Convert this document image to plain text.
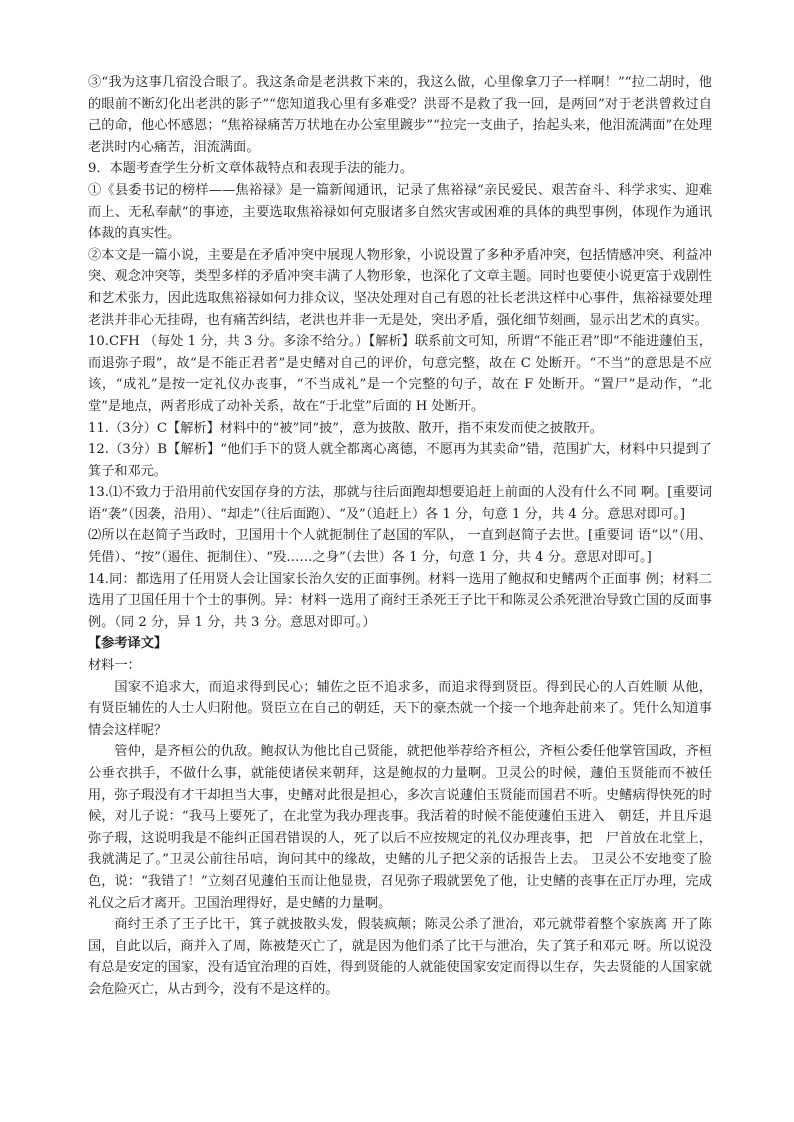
③“我为这事几宿没合眼了。我这条命是老洪救下来的，我这么做，心里像拿刀子一样啊！”“拉二胡时，他的眼前不断幻化出老洪的影子”“您知道我心里有多难受？洪哥不是救了我一回，是两回”对于老洪曾救过自己的命，他心怀感恩；“焦裕禄痛苦万状地在办公室里踱步”“拉完一支曲子，抬起头来，他泪流满面”在处理老洪时内心痛苦，泪流满面。

9．本题考查学生分析文章体裁特点和表现手法的能力。

①《县委书记的榜样——焦裕禄》是一篇新闻通讯，记录了焦裕禄“亲民爱民、艰苦奋斗、科学求实、迎难而上、无私奉献”的事迹，主要选取焦裕禄如何克服诸多自然灾害或困难的具体的典型事例，体现作为通讯体裁的真实性。

②本文是一篇小说，主要是在矛盾冲突中展现人物形象，小说设置了多种矛盾冲突，包括情感冲突、利益冲突、观念冲突等，类型多样的矛盾冲突丰满了人物形象，也深化了文章主题。同时也要使小说更富于戏剧性和艺术张力，因此选取焦裕禄如何力排众议，坚决处理对自己有恩的社长老洪这样中心事件，焦裕禄要处理老洪并非心无挂碍，也有痛苦纠结，老洪也并非一无是处，突出矛盾，强化细节刻画，显示出艺术的真实。

10.CFH （每处 1 分，共 3 分。多涂不给分。）【解析】联系前文可知，所谓“不能正君”即“不能进蘧伯玉，而退弥子瑕”，故“是不能正君者”是史鳍对自己的评价，句意完整，故在 C 处断开。“不当”的意思是不应该，“成礼”是按一定礼仪办丧事，“不当成礼”是一个完整的句子，故在 F 处断开。“置尸”是动作，“北堂”是地点，两者形成了动补关系，故在“于北堂”后面的 H 处断开。

11.（3分）C【解析】材料中的“被”同“披”，意为披散、散开，指不束发而使之披散开。

12.（3分）B【解析】“他们手下的贤人就全都离心离德，不愿再为其卖命”错，范围扩大，材料中只提到了箕子和邓元。

13.⑴不致力于沿用前代安国存身的方法，那就与往后面跑却想要追赶上前面的人没有什么不同 啊。[重要词语“袭”（因袭，沿用）、“却走”（往后面跑）、“及”（追赶上）各 1 分，句意 1 分，共 4 分。意思对即可。]

⑵所以在赵简子当政时，卫国用十个人就扼制住了赵国的军队， 一直到赵简子去世。[重要词 语“以”（用、凭借）、“按”（遏住、扼制住）、“殁……之身”（去世）各 1 分，句意 1 分，共 4 分。意思对即可。]

14.同：都选用了任用贤人会让国家长治久安的正面事例。材料一选用了鲍叔和史鳍两个正面事 例；材料二选用了卫国任用十个士的事例。异：材料一选用了商纣王杀死王子比干和陈灵公杀死泄冶导致亡国的反面事例。（同 2 分，异 1 分，共 3 分。意思对即可。）

【参考译文】

材料一：

国家不追求大，而追求得到民心；辅佐之臣不追求多，而追求得到贤臣。得到民心的人百姓顺 从他，有贤臣辅佐的人士人归附他。贤臣立在自己的朝廷，天下的豪杰就一个接一个地奔赴前来了。凭什么知道事情会这样呢？

管仲，是齐桓公的仇敌。鲍叔认为他比自己贤能，就把他举荐给齐桓公，齐桓公委任他掌管国政，齐桓公垂衣拱手，不做什么事，就能使诸侯来朝拜，这是鲍叔的力量啊。卫灵公的时候，蘧伯玉贤能而不被任用，弥子瑕没有才干却担当大事，史鳍对此很是担心，多次言说蘧伯玉贤能而国君不听。史鳍病得快死的时候，对儿子说：“我马上要死了，在北堂为我办理丧事。我活着的时候不能使蘧伯玉进入　朝廷，并且斥退弥子瑕，这说明我是不能纠正国君错误的人，死了以后不应按规定的礼仪办理丧事，把　尸首放在北堂上，我就满足了。”卫灵公前往吊唁，询问其中的缘故，史鳍的儿子把父亲的话报告上去。 卫灵公不安地变了脸色，说：“我错了！”立刻召见蘧伯玉而让他显贵，召见弥子瑕就罢免了他，让史鳍的丧事在正厅办理，完成礼仪之后才离开。卫国治理得好，是史鳍的力量啊。

商纣王杀了王子比干，箕子就披散头发，假装疯颠；陈灵公杀了泄冶，邓元就带着整个家族离 开了陈国，自此以后，商并入了周，陈被楚灭亡了，就是因为他们杀了比干与泄冶，失了箕子和邓元 呀。所以说没有总是安定的国家，没有适宜治理的百姓，得到贤能的人就能使国家安定而得以生存，失去贤能的人国家就会危险灭亡，从古到今，没有不是这样的。
